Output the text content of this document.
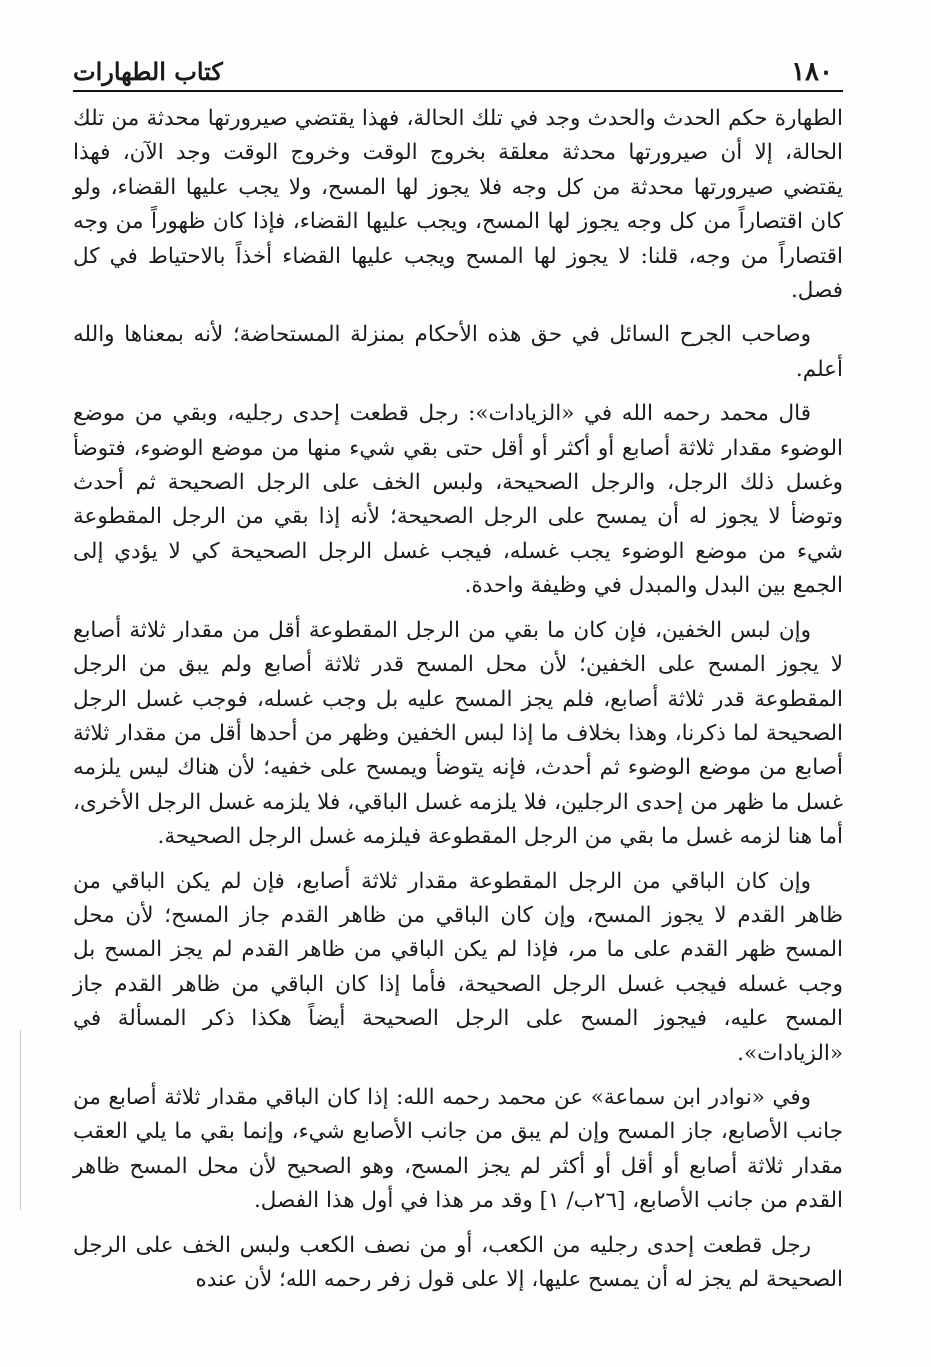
١٨٠
كتاب الطهارات

الطهارة حكم الحدث والحدث وجد في تلك الحالة، فهذا يقتضي صيرورتها محدثة من تلك الحالة، إلا أن صيرورتها محدثة معلقة بخروج الوقت وخروج الوقت وجد الآن، فهذا يقتضي صيرورتها محدثة من كل وجه فلا يجوز لها المسح، ولا يجب عليها القضاء، ولو كان اقتصاراً من كل وجه يجوز لها المسح، ويجب عليها القضاء، فإذا كان ظهوراً من وجه اقتصاراً من وجه، قلنا: لا يجوز لها المسح ويجب عليها القضاء أخذاً بالاحتياط في كل فصل.

وصاحب الجرح السائل في حق هذه الأحكام بمنزلة المستحاضة؛ لأنه بمعناها والله أعلم.

قال محمد رحمه الله في «الزيادات»: رجل قطعت إحدى رجليه، وبقي من موضع الوضوء مقدار ثلاثة أصابع أو أكثر أو أقل حتى بقي شيء منها من موضع الوضوء، فتوضأ وغسل ذلك الرجل، والرجل الصحيحة، ولبس الخف على الرجل الصحيحة ثم أحدث وتوضأ لا يجوز له أن يمسح على الرجل الصحيحة؛ لأنه إذا بقي من الرجل المقطوعة شيء من موضع الوضوء يجب غسله، فيجب غسل الرجل الصحيحة كي لا يؤدي إلى الجمع بين البدل والمبدل في وظيفة واحدة.

وإن لبس الخفين، فإن كان ما بقي من الرجل المقطوعة أقل من مقدار ثلاثة أصابع لا يجوز المسح على الخفين؛ لأن محل المسح قدر ثلاثة أصابع ولم يبق من الرجل المقطوعة قدر ثلاثة أصابع، فلم يجز المسح عليه بل وجب غسله، فوجب غسل الرجل الصحيحة لما ذكرنا، وهذا بخلاف ما إذا لبس الخفين وظهر من أحدها أقل من مقدار ثلاثة أصابع من موضع الوضوء ثم أحدث، فإنه يتوضأ ويمسح على خفيه؛ لأن هناك ليس يلزمه غسل ما ظهر من إحدى الرجلين، فلا يلزمه غسل الباقي، فلا يلزمه غسل الرجل الأخرى، أما هنا لزمه غسل ما بقي من الرجل المقطوعة فيلزمه غسل الرجل الصحيحة.

وإن كان الباقي من الرجل المقطوعة مقدار ثلاثة أصابع، فإن لم يكن الباقي من ظاهر القدم لا يجوز المسح، وإن كان الباقي من ظاهر الق‍دم جاز المسح؛ لأن محل المسح ظهر القدم على ما مر، فإذا لم يكن الباقي من ظاهر القدم لم يجز المسح بل وجب غسله فيجب غسل الرجل الصحيحة، فأما إذا كان الباقي من ظاهر القدم جاز المسح عليه، فيجوز المسح على الرجل الصحيحة أيضاً هكذا ذكر المسألة في «الزيادات».

وفي «نوادر ابن سماعة» عن محمد رحمه الله: إذا كان الباقي مقدار ثلاثة أصابع من جانب الأصابع، جاز المسح وإن لم يبق من جانب الأصابع شيء، وإنما بقي ما يلي العقب مقدار ثلاثة أصابع أو أقل أو أكثر لم يجز المسح، وهو الصحيح لأن محل المسح ظاهر القدم من جانب الأصابع، [٢٦ب/ ١] وقد مر هذا في أول هذا الفصل.

رجل قطعت إحدى رجليه من الكعب، أو من نصف الكعب ولبس الخف على الرجل الصحيحة لم يجز له أن يمسح عليها، إلا على قول زفر رحمه الله؛ لأن عنده
